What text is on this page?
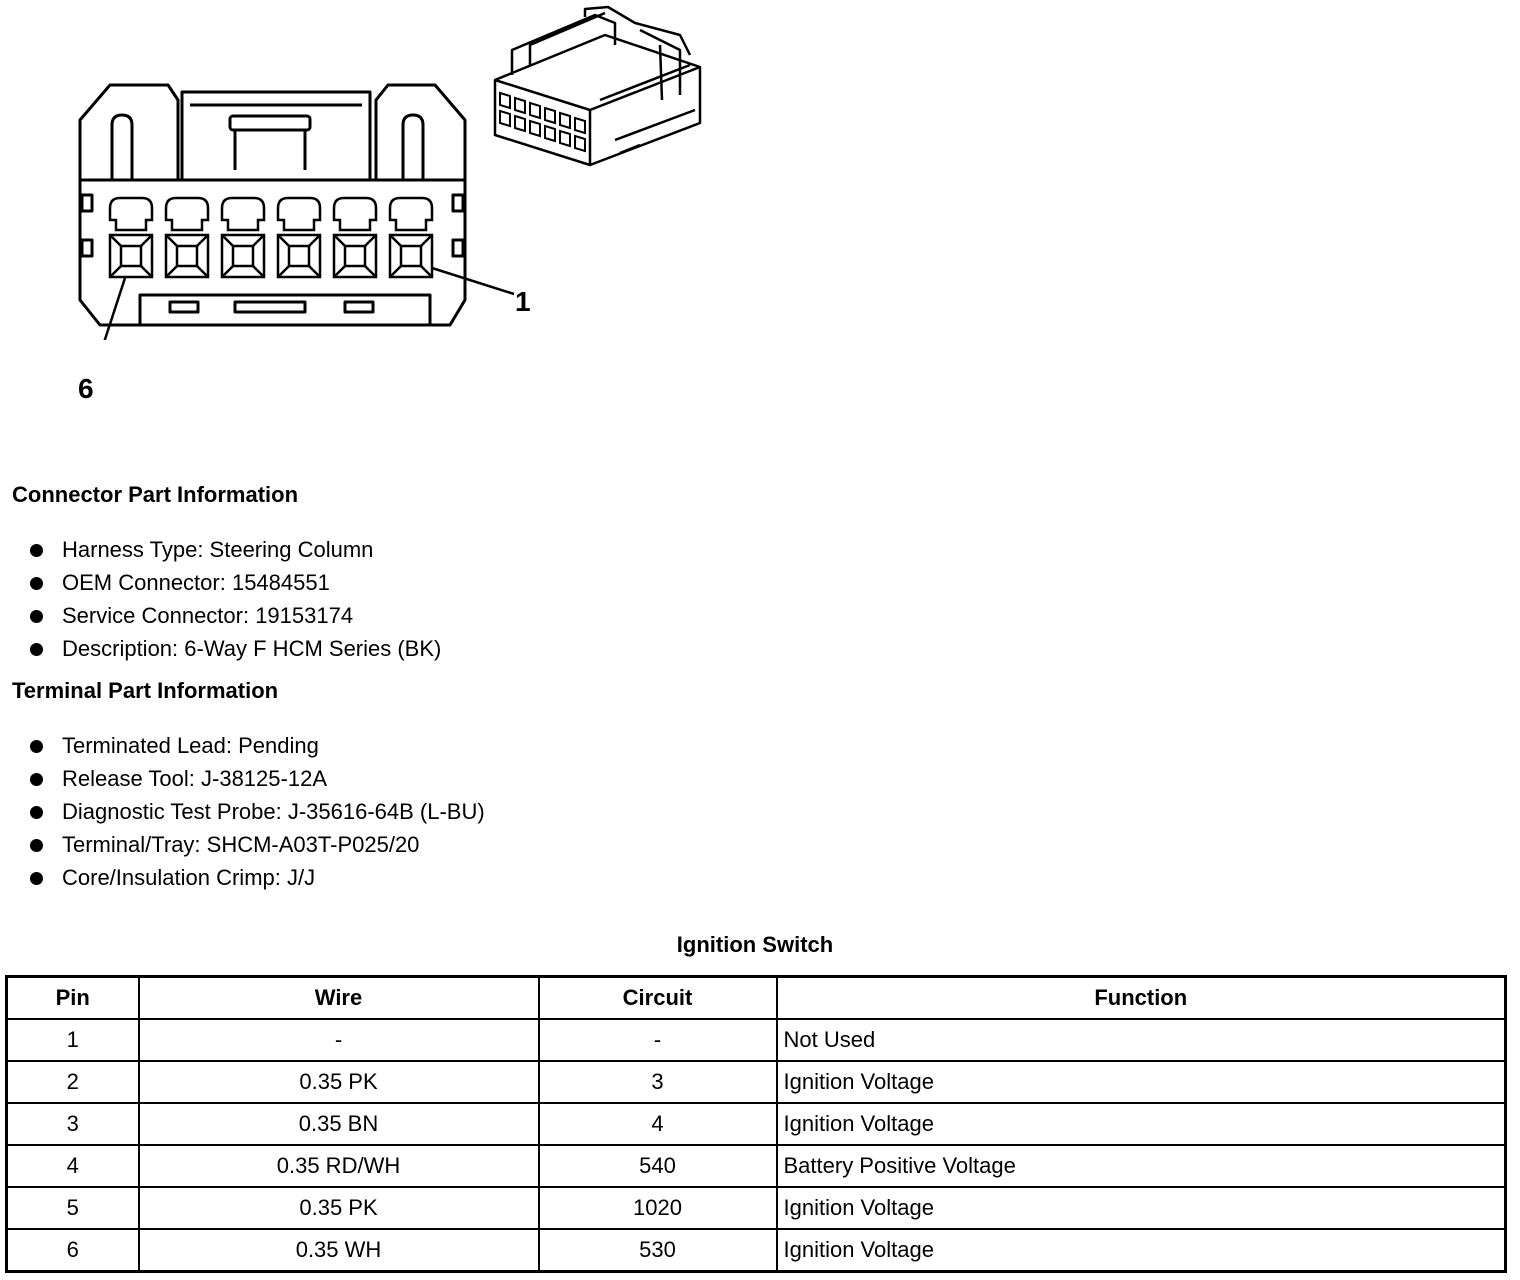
1
6
Connector Part Information
Harness Type: Steering Column
OEM Connector: 15484551
Service Connector: 19153174
Description: 6-Way F HCM Series (BK)
Terminal Part Information
Terminated Lead: Pending
Release Tool: J-38125-12A
Diagnostic Test Probe: J-35616-64B (L-BU)
Terminal/Tray: SHCM-A03T-P025/20
Core/Insulation Crimp: J/J
Ignition Switch
Pin	Wire	Circuit	Function
1	-	-	Not Used
2	0.35 PK	3	Ignition Voltage
3	0.35 BN	4	Ignition Voltage
4	0.35 RD/WH	540	Battery Positive Voltage
5	0.35 PK	1020	Ignition Voltage
6	0.35 WH	530	Ignition Voltage
